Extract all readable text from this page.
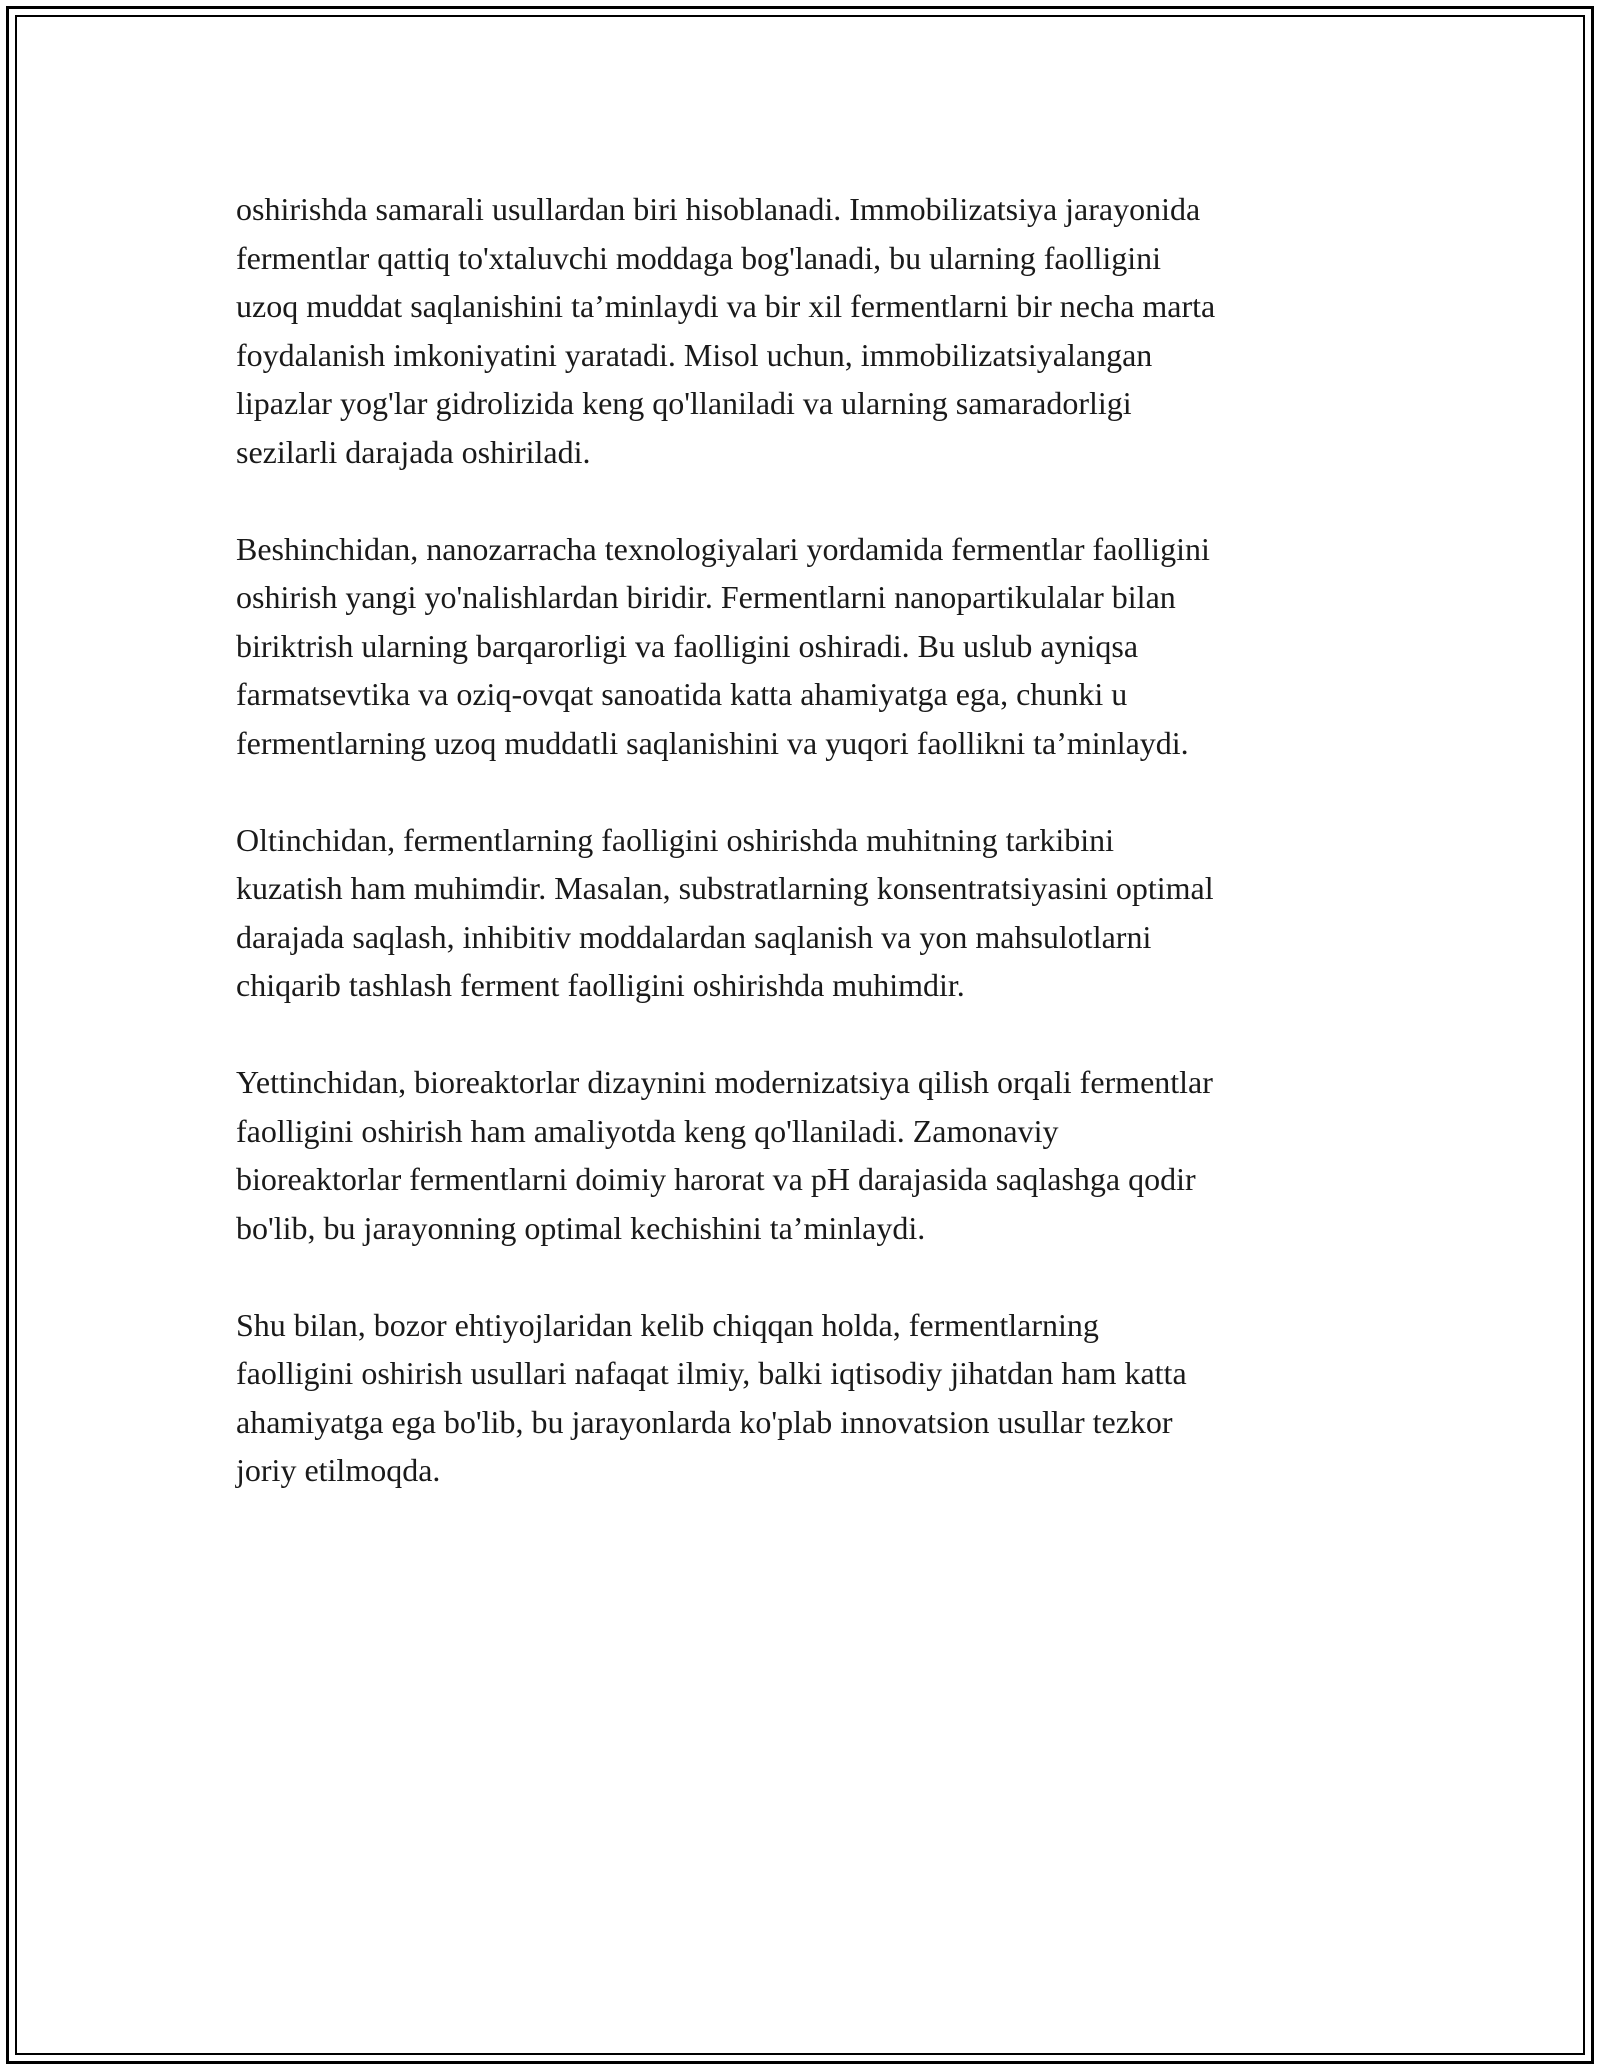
oshirishda samarali usullardan biri hisoblanadi. Immobilizatsiya jarayonida
fermentlar qattiq to'xtaluvchi moddaga bog'lanadi, bu ularning faolligini
uzoq muddat saqlanishini ta’minlaydi va bir xil fermentlarni bir necha marta
foydalanish imkoniyatini yaratadi. Misol uchun, immobilizatsiyalangan
lipazlar yog'lar gidrolizida keng qo'llaniladi va ularning samaradorligi
sezilarli darajada oshiriladi.

Beshinchidan, nanozarracha texnologiyalari yordamida fermentlar faolligini
oshirish yangi yo'nalishlardan biridir. Fermentlarni nanopartikulalar bilan
biriktrish ularning barqarorligi va faolligini oshiradi. Bu uslub ayniqsa
farmatsevtika va oziq-ovqat sanoatida katta ahamiyatga ega, chunki u
fermentlarning uzoq muddatli saqlanishini va yuqori faollikni ta’minlaydi.

Oltinchidan, fermentlarning faolligini oshirishda muhitning tarkibini
kuzatish ham muhimdir. Masalan, substratlarning konsentratsiyasini optimal
darajada saqlash, inhibitiv moddalardan saqlanish va yon mahsulotlarni
chiqarib tashlash ferment faolligini oshirishda muhimdir.

Yettinchidan, bioreaktorlar dizaynini modernizatsiya qilish orqali fermentlar
faolligini oshirish ham amaliyotda keng qo'llaniladi. Zamonaviy
bioreaktorlar fermentlarni doimiy harorat va pH darajasida saqlashga qodir
bo'lib, bu jarayonning optimal kechishini ta’minlaydi.

Shu bilan, bozor ehtiyojlaridan kelib chiqqan holda, fermentlarning
faolligini oshirish usullari nafaqat ilmiy, balki iqtisodiy jihatdan ham katta
ahamiyatga ega bo'lib, bu jarayonlarda ko'plab innovatsion usullar tezkor
joriy etilmoqda.
